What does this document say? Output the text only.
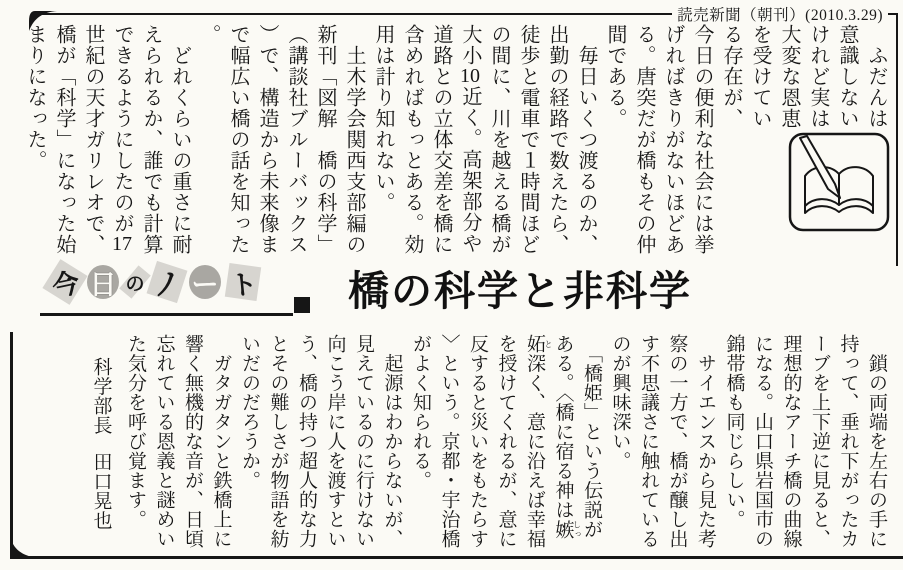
読売新聞（朝刊）(2010.3.29)

　ふだんは意識しないけれど実は大変な恩恵を受けている存在が、今日の便利な社会には挙げればきりがないほどある。唐突だが橋もその仲間である。

　毎日いくつ渡るのか、出勤の経路で数えたら、徒歩と電車で１時間ほどの間に、川を越える橋が大小10近く。高架部分や道路との立体交差を橋に含めればもっとある。効用は計り知れない。

　土木学会関西支部編の新刊「図解　橋の科学」（講談社ブルーバックス）で、構造から未来像まで幅広い橋の話を知った。

　どれくらいの重さに耐えられるか、誰でも計算できるようにしたのが17世紀の天才ガリレオで、橋が「科学」になった始まりになった。

今 日 の ノ ー ト 橋の科学と非科学

　鎖の両端を左右の手に持って、垂れ下がったカーブを上下逆に見ると、理想的なアーチ橋の曲線になる。山口県岩国市の錦帯橋も同じらしい。

　サイエンスから見た考察の一方で、橋が醸し出す不思議さに触れているのが興味深い。

　「橋姫」という伝説がある。〈橋に宿る神は嫉 しっ妬 と深く、意に沿えば幸福を授けてくれるが、意に反すると災いをもたらす〉という。京都・宇治橋がよく知られる。

　起源はわからないが、見えているのに行けない向こう岸に人を渡すという、橋の持つ超人的な力とその難しさが物語を紡いだのだろうか。

　ガタガタンと鉄橋上に響く無機的な音が、日頃忘れている恩義と謎めいた気分を呼び覚ます。

科学部長田口晃也
